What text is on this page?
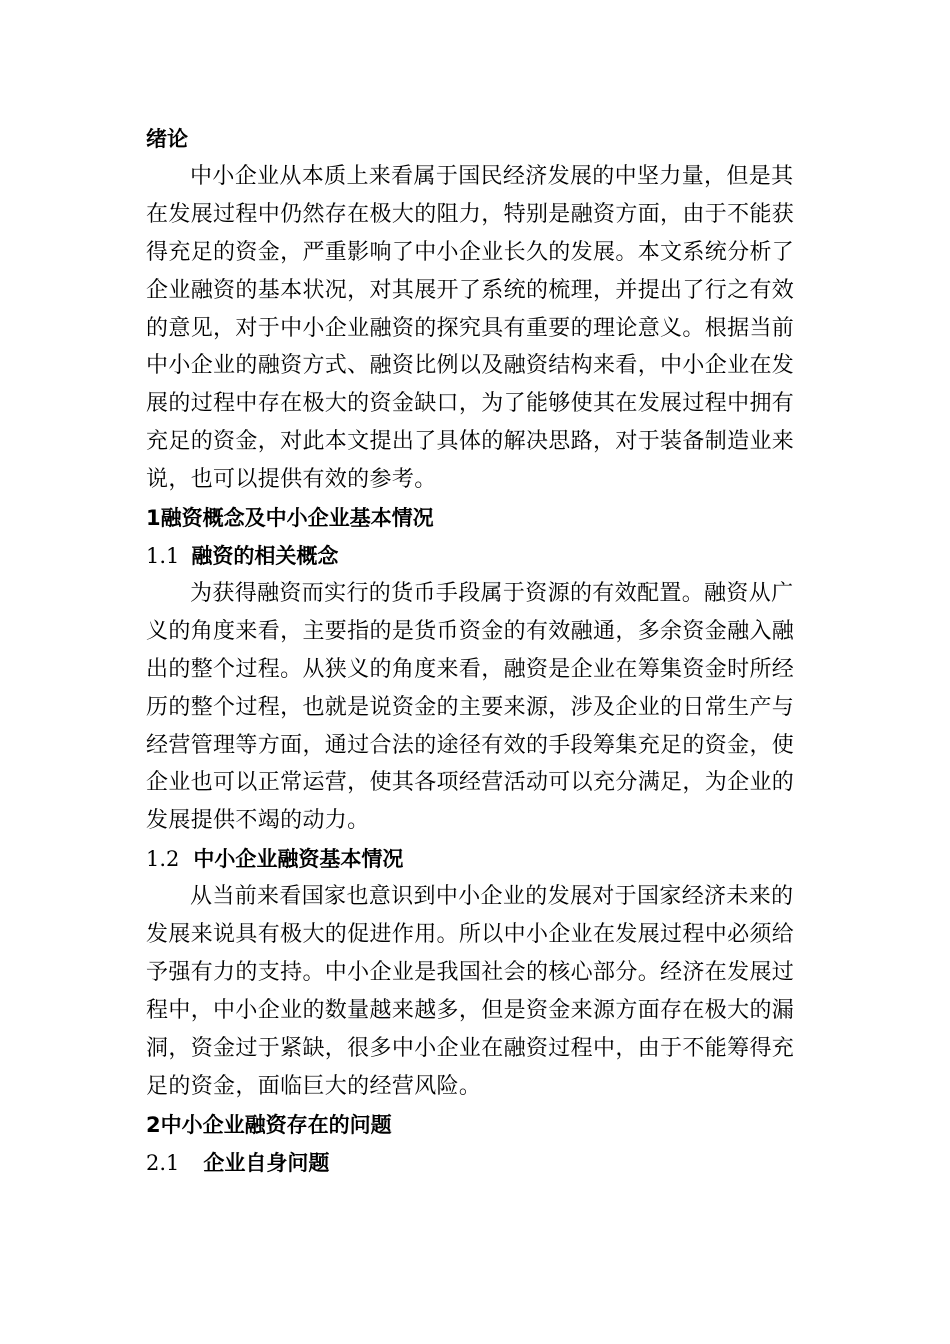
绪论
中小企业从本质上来看属于国民经济发展的中坚力量，但是其
在发展过程中仍然存在极大的阻力，特别是融资方面，由于不能获
得充足的资金，严重影响了中小企业长久的发展。本文系统分析了
企业融资的基本状况，对其展开了系统的梳理，并提出了行之有效
的意见，对于中小企业融资的探究具有重要的理论意义。根据当前
中小企业的融资方式、融资比例以及融资结构来看，中小企业在发
展的过程中存在极大的资金缺口，为了能够使其在发展过程中拥有
充足的资金，对此本文提出了具体的解决思路，对于装备制造业来
说，也可以提供有效的参考。
1融资概念及中小企业基本情况
1.1 融资的相关概念
为获得融资而实行的货币手段属于资源的有效配置。融资从广
义的角度来看，主要指的是货币资金的有效融通，多余资金融入融
出的整个过程。从狭义的角度来看，融资是企业在筹集资金时所经
历的整个过程，也就是说资金的主要来源，涉及企业的日常生产与
经营管理等方面，通过合法的途径有效的手段筹集充足的资金，使
企业也可以正常运营，使其各项经营活动可以充分满足，为企业的
发展提供不竭的动力。
1.2 中小企业融资基本情况
从当前来看国家也意识到中小企业的发展对于国家经济未来的
发展来说具有极大的促进作用。所以中小企业在发展过程中必须给
予强有力的支持。中小企业是我国社会的核心部分。经济在发展过
程中，中小企业的数量越来越多，但是资金来源方面存在极大的漏
洞，资金过于紧缺，很多中小企业在融资过程中，由于不能筹得充
足的资金，面临巨大的经营风险。
2中小企业融资存在的问题
2.1 企业自身问题
